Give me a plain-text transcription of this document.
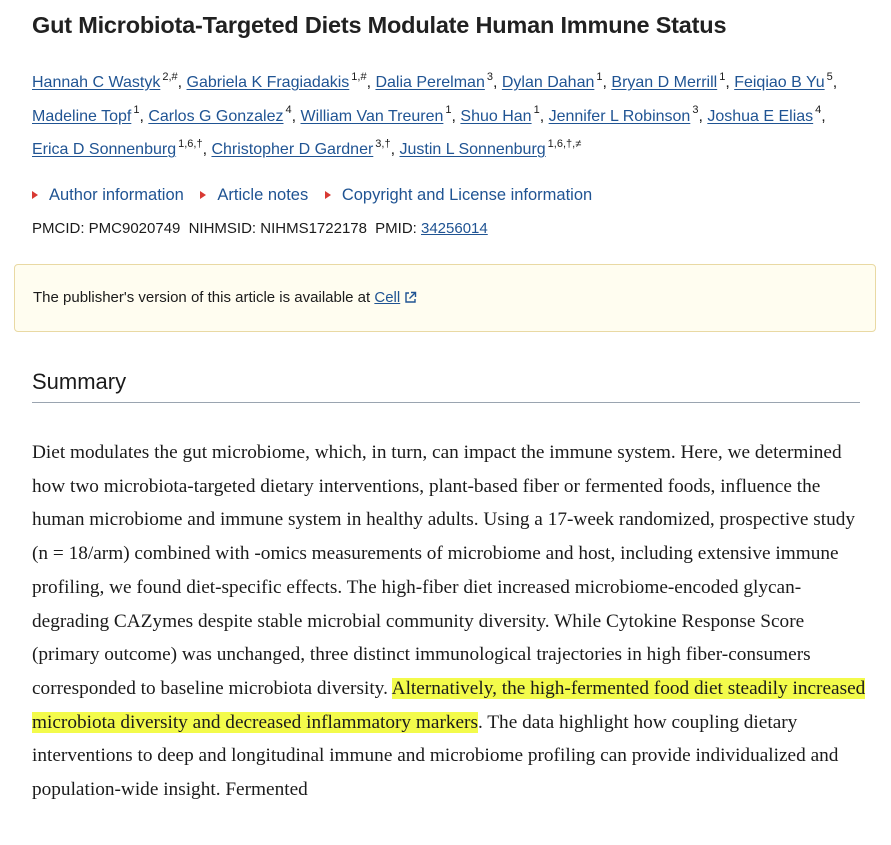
Gut Microbiota-Targeted Diets Modulate Human Immune Status
Hannah C Wastyk $^{2,\#}$, Gabriela K Fragiadakis $^{1,\#}$, Dalia Perelman $^3$, Dylan Dahan $^1$, Bryan D Merrill $^1$, Feiqiao B Yu $^5$, Madeline Topf $^1$, Carlos G Gonzalez $^4$, William Van Treuren $^1$, Shuo Han $^1$, Jennifer L Robinson $^3$, Joshua E Elias $^4$, Erica D Sonnenburg $^{1,6,\dagger}$, Christopher D Gardner $^{3,\dagger}$, Justin L Sonnenburg $^{1,6,\dagger,\ne}$
Author information
Article notes
Copyright and License information
PMCID: PMC9020749 NIHMSID: NIHMS1722178 PMID: 34256014
Summary

Diet modulates the gut microbiome, which, in turn, can impact the immune system. Here, we determined how two microbiota-targeted dietary interventions, plant-based fiber or fermented foods, influence the human microbiome and immune system in healthy adults. Using a 17-week randomized, prospective study (n = 18/arm) combined with -omics measurements of microbiome and host, including extensive immune profiling, we found diet-specific effects. The high-fiber diet increased microbiome-encoded glycan-degrading CAZymes despite stable microbial community diversity. While Cytokine Response Score (primary outcome) was unchanged, three distinct immunological trajectories in high fiber-consumers corresponded to baseline microbiota diversity. Alternatively, the high-fermented food diet steadily increased microbiota diversity and decreased inflammatory markers. The data highlight how coupling dietary interventions to deep and longitudinal immune and microbiome profiling can provide individualized and population-wide insight. Fermented

The publisher's version of this article is available at Cell
